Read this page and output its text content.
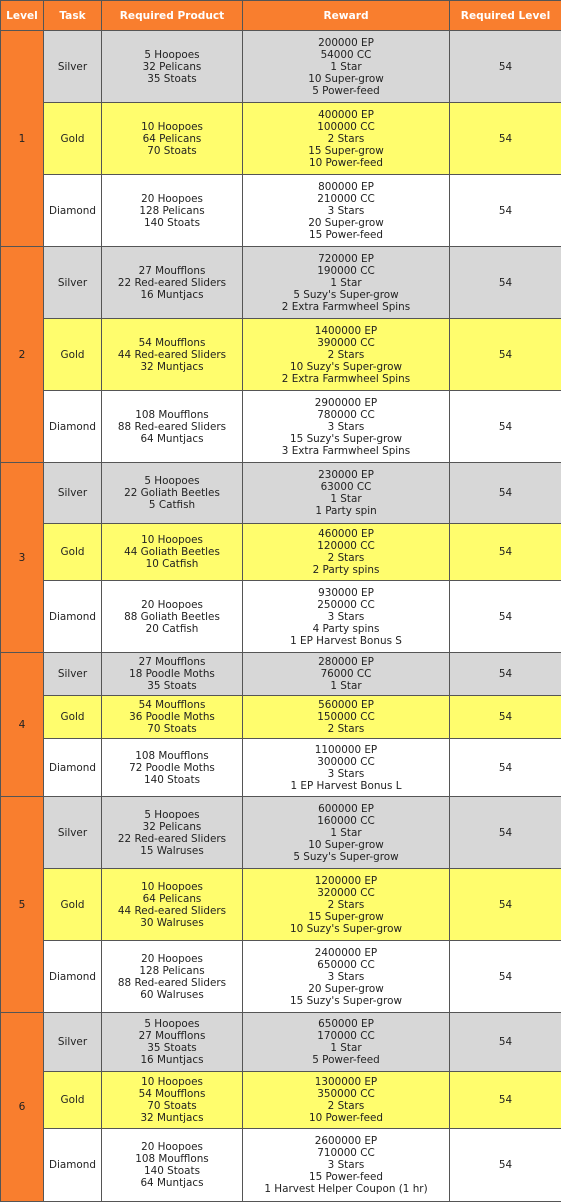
Level	Task	Required Product	Reward	Required Level
1	Silver	5 Hoopoes
32 Pelicans
35 Stoats	200000 EP
54000 CC
1 Star
10 Super-grow
5 Power-feed	54
	Gold	10 Hoopoes
64 Pelicans
70 Stoats	400000 EP
100000 CC
2 Stars
15 Super-grow
10 Power-feed	54
	Diamond	20 Hoopoes
128 Pelicans
140 Stoats	800000 EP
210000 CC
3 Stars
20 Super-grow
15 Power-feed	54
2	Silver	27 Moufflons
22 Red-eared Sliders
16 Muntjacs	720000 EP
190000 CC
1 Star
5 Suzy's Super-grow
2 Extra Farmwheel Spins	54
	Gold	54 Moufflons
44 Red-eared Sliders
32 Muntjacs	1400000 EP
390000 CC
2 Stars
10 Suzy's Super-grow
2 Extra Farmwheel Spins	54
	Diamond	108 Moufflons
88 Red-eared Sliders
64 Muntjacs	2900000 EP
780000 CC
3 Stars
15 Suzy's Super-grow
3 Extra Farmwheel Spins	54
3	Silver	5 Hoopoes
22 Goliath Beetles
5 Catfish	230000 EP
63000 CC
1 Star
1 Party spin	54
	Gold	10 Hoopoes
44 Goliath Beetles
10 Catfish	460000 EP
120000 CC
2 Stars
2 Party spins	54
	Diamond	20 Hoopoes
88 Goliath Beetles
20 Catfish	930000 EP
250000 CC
3 Stars
4 Party spins
1 EP Harvest Bonus S	54
4	Silver	27 Moufflons
18 Poodle Moths
35 Stoats	280000 EP
76000 CC
1 Star	54
	Gold	54 Moufflons
36 Poodle Moths
70 Stoats	560000 EP
150000 CC
2 Stars	54
	Diamond	108 Moufflons
72 Poodle Moths
140 Stoats	1100000 EP
300000 CC
3 Stars
1 EP Harvest Bonus L	54
5	Silver	5 Hoopoes
32 Pelicans
22 Red-eared Sliders
15 Walruses	600000 EP
160000 CC
1 Star
10 Super-grow
5 Suzy's Super-grow	54
	Gold	10 Hoopoes
64 Pelicans
44 Red-eared Sliders
30 Walruses	1200000 EP
320000 CC
2 Stars
15 Super-grow
10 Suzy's Super-grow	54
	Diamond	20 Hoopoes
128 Pelicans
88 Red-eared Sliders
60 Walruses	2400000 EP
650000 CC
3 Stars
20 Super-grow
15 Suzy's Super-grow	54
6	Silver	5 Hoopoes
27 Moufflons
35 Stoats
16 Muntjacs	650000 EP
170000 CC
1 Star
5 Power-feed	54
	Gold	10 Hoopoes
54 Moufflons
70 Stoats
32 Muntjacs	1300000 EP
350000 CC
2 Stars
10 Power-feed	54
	Diamond	20 Hoopoes
108 Moufflons
140 Stoats
64 Muntjacs	2600000 EP
710000 CC
3 Stars
15 Power-feed
1 Harvest Helper Coupon (1 hr)	54
